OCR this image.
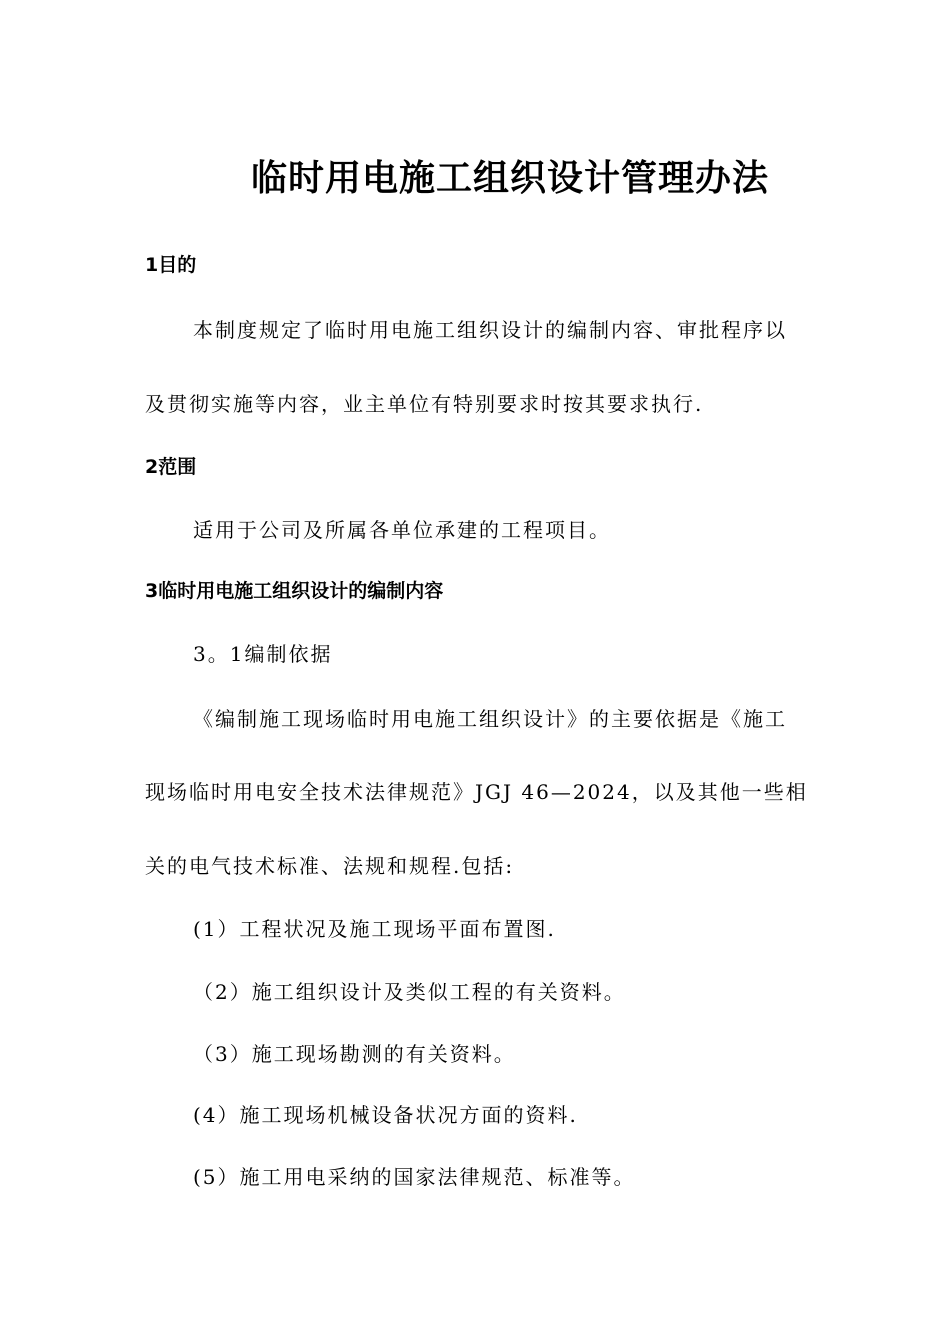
临时用电施工组织设计管理办法
1目的
本制度规定了临时用电施工组织设计的编制内容、审批程序以
及贯彻实施等内容，业主单位有特别要求时按其要求执行.
2范围
适用于公司及所属各单位承建的工程项目。
3临时用电施工组织设计的编制内容
3。1编制依据
《编制施工现场临时用电施工组织设计》的主要依据是《施工
现场临时用电安全技术法律规范》JGJ 46—2024，以及其他一些相
关的电气技术标准、法规和规程.包括:
(1）工程状况及施工现场平面布置图.
（2）施工组织设计及类似工程的有关资料。
（3）施工现场勘测的有关资料。
(4）施工现场机械设备状况方面的资料.
(5）施工用电采纳的国家法律规范、标准等。
